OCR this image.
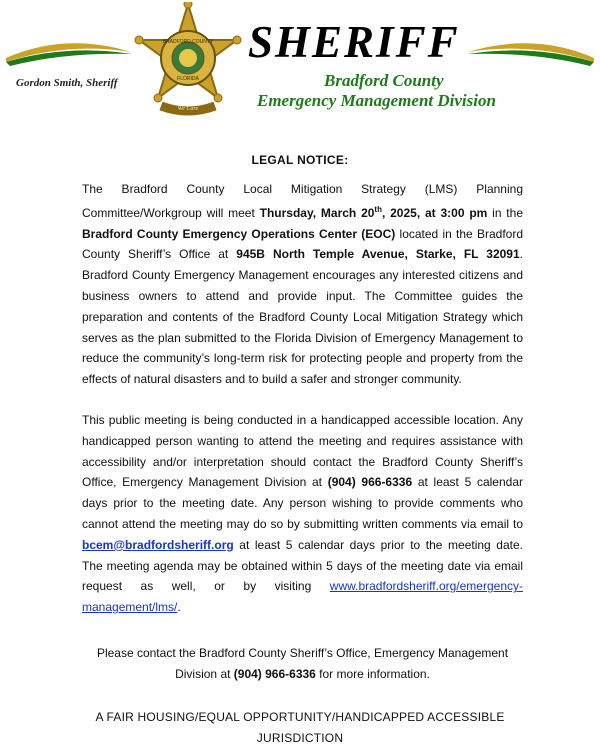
BRADFORD COUNTY
FLORIDA
We Care
SHERIFF
Gordon Smith, Sheriff	Bradford County
Emergency Management Division
LEGAL NOTICE:

The Bradford County Local Mitigation Strategy (LMS) Planning Committee/Workgroup will meet Thursday, March 20th, 2025, at 3:00 pm in the Bradford County Emergency Operations Center (EOC) located in the Bradford County Sheriff’s Office at 945B North Temple Avenue, Starke, FL 32091. Bradford County Emergency Management encourages any interested citizens and business owners to attend and provide input. The Committee guides the preparation and contents of the Bradford County Local Mitigation Strategy which serves as the plan submitted to the Florida Division of Emergency Management to reduce the community’s long-term risk for protecting people and property from the effects of natural disasters and to build a safer and stronger community.

This public meeting is being conducted in a handicapped accessible location. Any handicapped person wanting to attend the meeting and requires assistance with accessibility and/or interpretation should contact the Bradford County Sheriff’s Office, Emergency Management Division at (904) 966-6336 at least 5 calendar days prior to the meeting date. Any person wishing to provide comments who cannot attend the meeting may do so by submitting written comments via email to bcem@bradfordsheriff.org at least 5 calendar days prior to the meeting date. The meeting agenda may be obtained within 5 days of the meeting date via email request as well, or by visiting www.bradfordsheriff.org/emergency-management/lms/.

Please contact the Bradford County Sheriff’s Office, Emergency Management Division at (904) 966-6336 for more information.

A FAIR HOUSING/EQUAL OPPORTUNITY/HANDICAPPED ACCESSIBLE JURISDICTION
